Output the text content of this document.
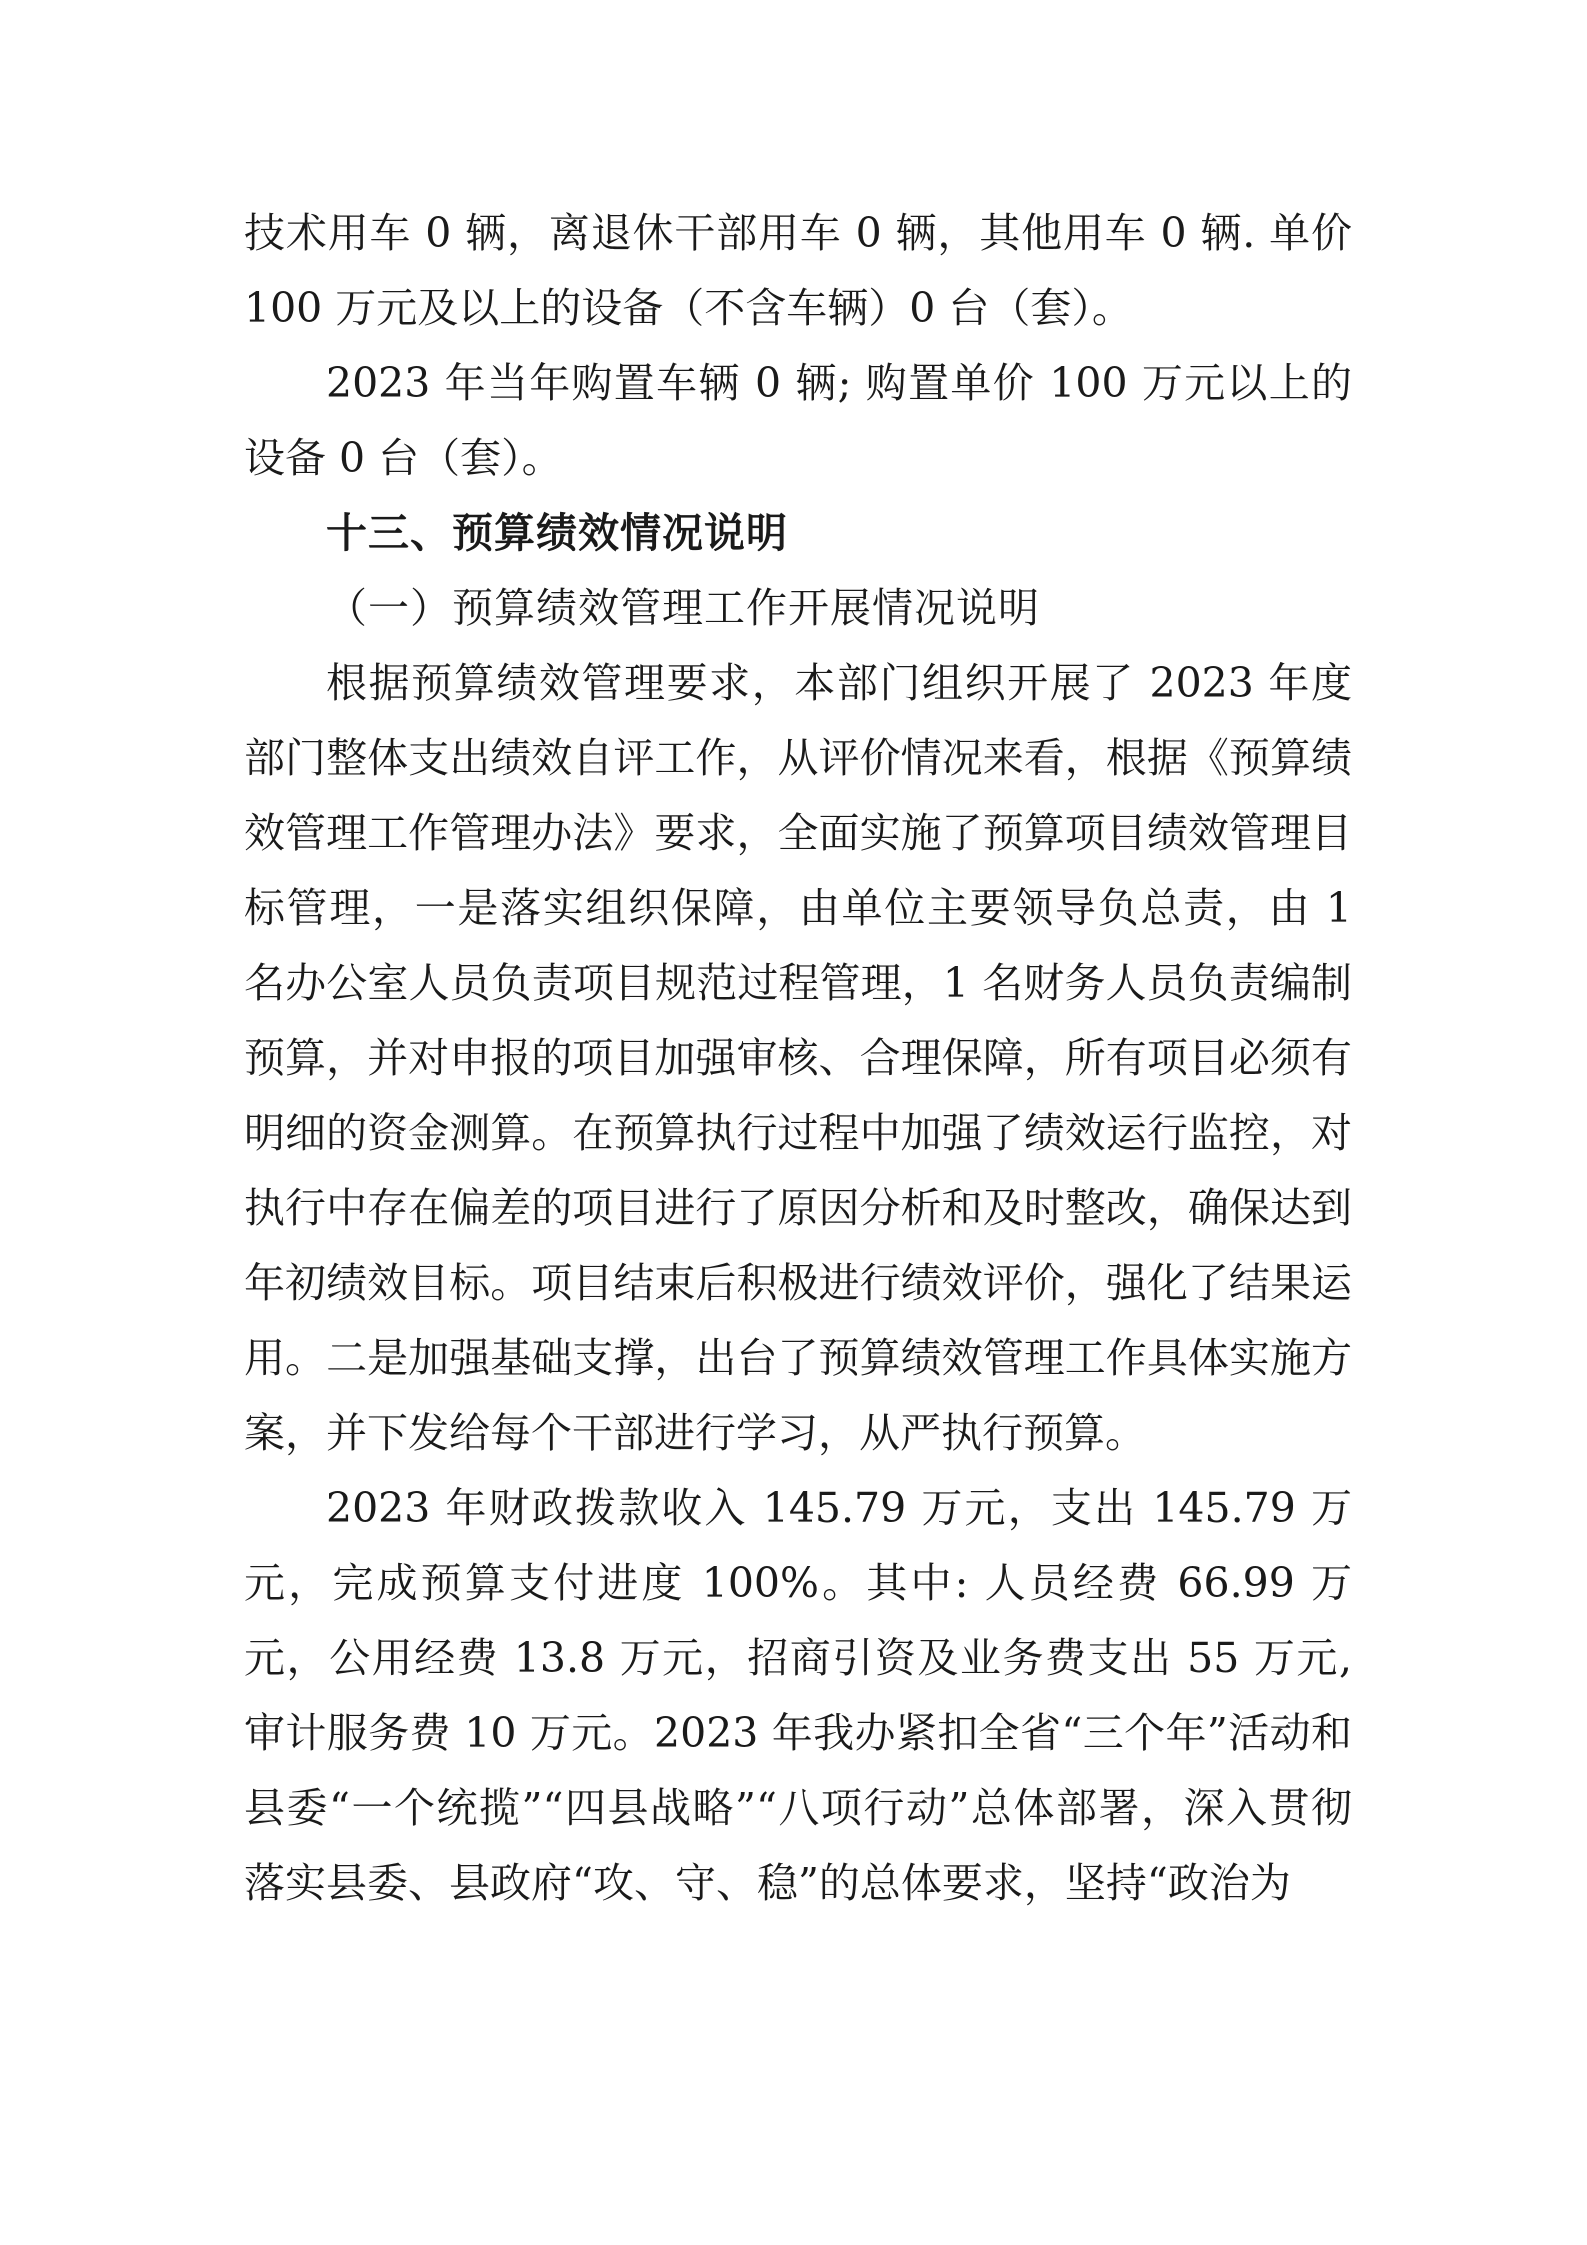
技术用车 0 辆，离退休干部用车 0 辆，其他用车 0 辆. 单价 100 万元及以上的设备（不含车辆）0 台（套）。

2023 年当年购置车辆 0 辆; 购置单价 100 万元以上的设备 0 台（套）。

十三、预算绩效情况说明

（一）预算绩效管理工作开展情况说明

根据预算绩效管理要求，本部门组织开展了 2023 年度部门整体支出绩效自评工作，从评价情况来看，根据《预算绩效管理工作管理办法》要求，全面实施了预算项目绩效管理目标管理，一是落实组织保障，由单位主要领导负总责，由 1 名办公室人员负责项目规范过程管理，1 名财务人员负责编制预算，并对申报的项目加强审核、合理保障，所有项目必须有明细的资金测算。在预算执行过程中加强了绩效运行监控，对执行中存在偏差的项目进行了原因分析和及时整改，确保达到年初绩效目标。项目结束后积极进行绩效评价，强化了结果运用。二是加强基础支撑，出台了预算绩效管理工作具体实施方案，并下发给每个干部进行学习，从严执行预算。

2023 年财政拨款收入 145.79 万元，支出 145.79 万元，完成预算支付进度 100%。其中: 人员经费 66.99 万元，公用经费 13.8 万元，招商引资及业务费支出 55 万元, 审计服务费 10 万元。2023 年我办紧扣全省“三个年”活动和县委“一个统揽”“四县战略”“八项行动”总体部署，深入贯彻落实县委、县政府“攻、守、稳”的总体要求，坚持“政治为
